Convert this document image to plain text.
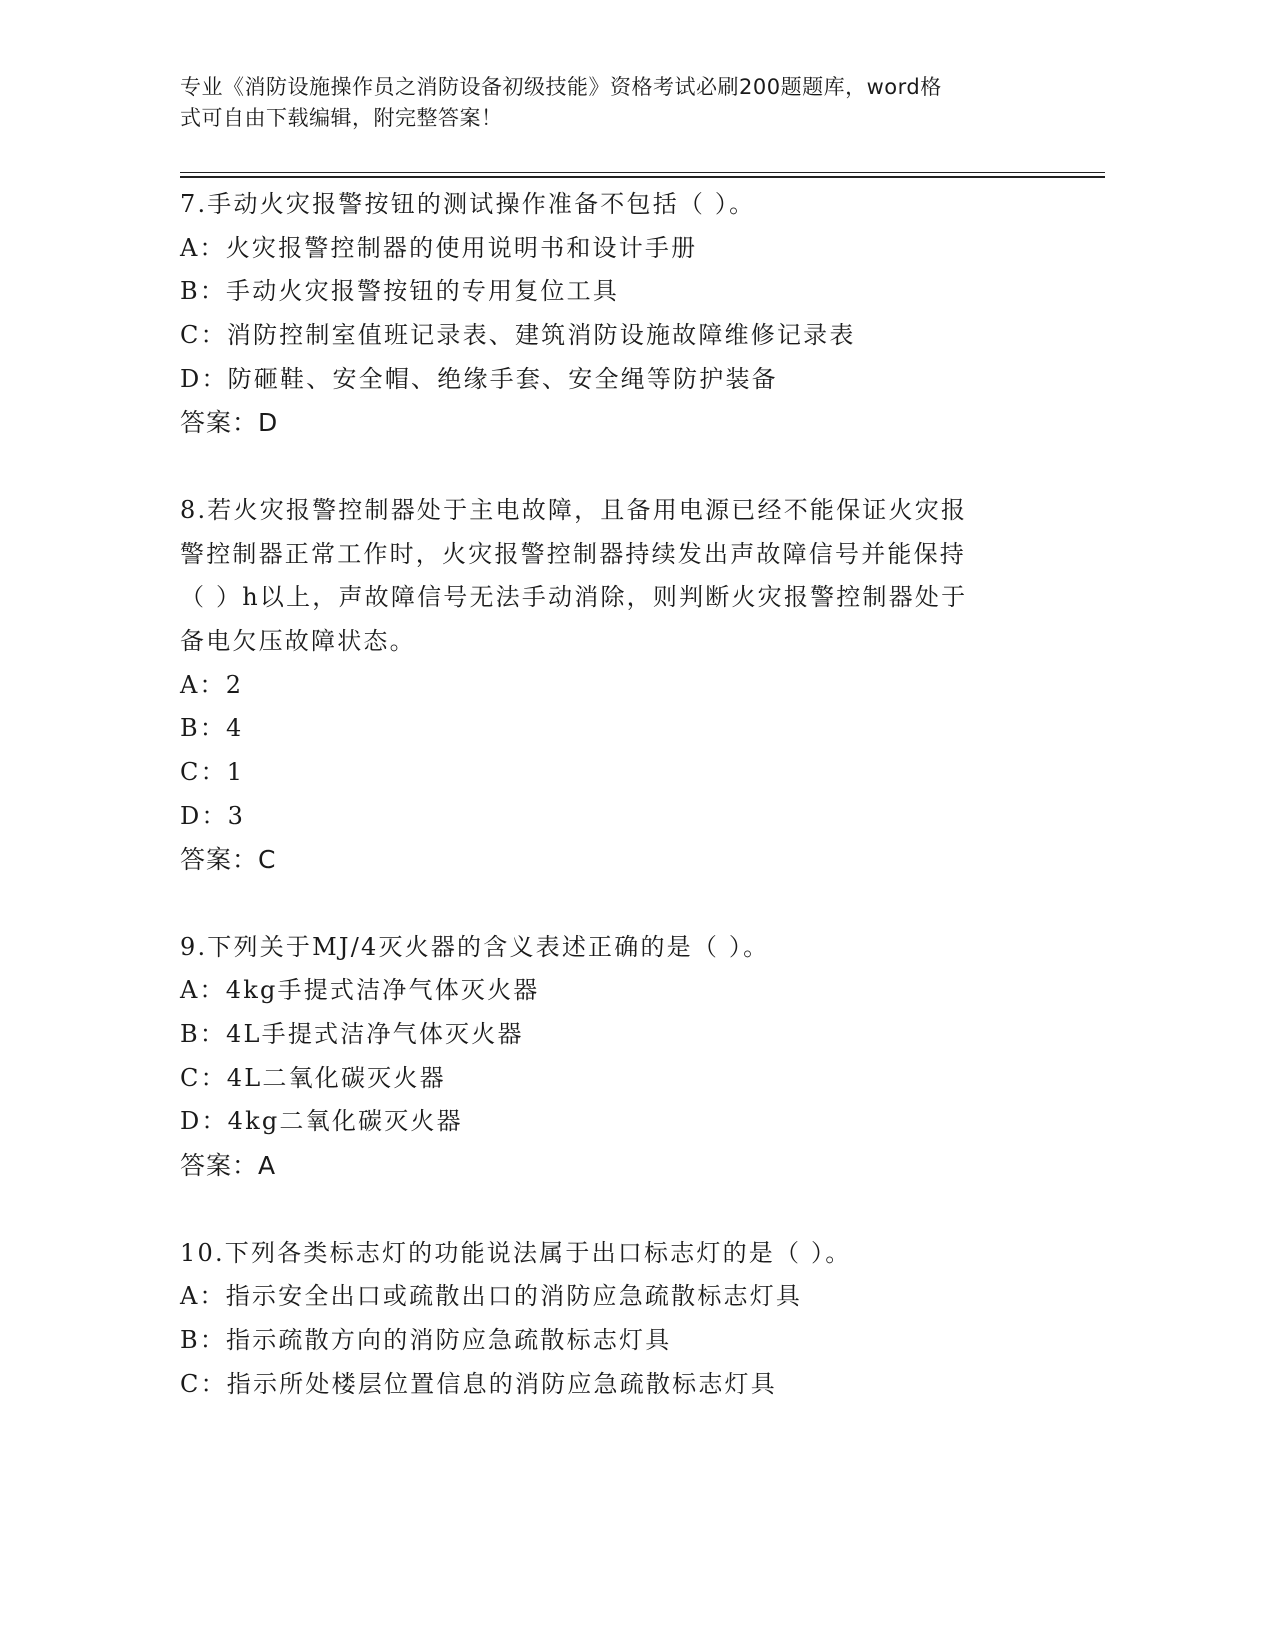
专业《消防设施操作员之消防设备初级技能》资格考试必刷200题题库，word格
式可自由下载编辑，附完整答案！
7.手动火灾报警按钮的测试操作准备不包括（ ）。
A：火灾报警控制器的使用说明书和设计手册
B：手动火灾报警按钮的专用复位工具
C：消防控制室值班记录表、建筑消防设施故障维修记录表
D：防砸鞋、安全帽、绝缘手套、安全绳等防护装备
答案：D
8.若火灾报警控制器处于主电故障，且备用电源已经不能保证火灾报
警控制器正常工作时，火灾报警控制器持续发出声故障信号并能保持
（ ）h以上，声故障信号无法手动消除，则判断火灾报警控制器处于
备电欠压故障状态。
A：2
B：4
C：1
D：3
答案：C
9.下列关于MJ/4灭火器的含义表述正确的是（ ）。
A：4kg手提式洁净气体灭火器
B：4L手提式洁净气体灭火器
C：4L二氧化碳灭火器
D：4kg二氧化碳灭火器
答案：A
10.下列各类标志灯的功能说法属于出口标志灯的是（ ）。
A：指示安全出口或疏散出口的消防应急疏散标志灯具
B：指示疏散方向的消防应急疏散标志灯具
C：指示所处楼层位置信息的消防应急疏散标志灯具
